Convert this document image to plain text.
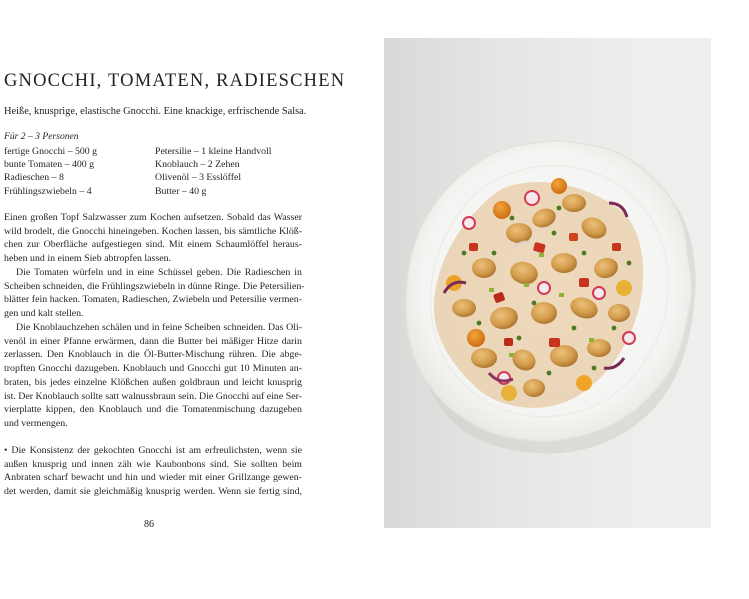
GNOCCHI, TOMATEN, RADIESCHEN

Heiße, knusprige, elastische Gnocchi. Eine knackige, erfrischende Salsa.

Für 2 – 3 Personen
fertige Gnocchi – 500 g
bunte Tomaten – 400 g
Radieschen – 8
Frühlingszwiebeln – 4
Petersilie – 1 kleine Handvoll
Knoblauch – 2 Zehen
Olivenöl – 3 Esslöffel
Butter – 40 g
Einen großen Topf Salzwasser zum Kochen aufsetzen. Sobald das Wasser
wild brodelt, die Gnocchi hineingeben. Kochen lassen, bis sämtliche Klöß-
chen zur Oberfläche aufgestiegen sind. Mit einem Schaumlöffel heraus-
heben und in einem Sieb abtropfen lassen.
Die Tomaten würfeln und in eine Schüssel geben. Die Radieschen in
Scheiben schneiden, die Frühlingszwiebeln in dünne Ringe. Die Petersilien-
blätter fein hacken. Tomaten, Radieschen, Zwiebeln und Petersilie vermen-
gen und kalt stellen.
Die Knoblauchzehen schälen und in feine Scheiben schneiden. Das Oli-
venöl in einer Pfanne erwärmen, dann die Butter bei mäßiger Hitze darin
zerlassen. Den Knoblauch in die Öl-Butter-Mischung rühren. Die abge-
tropften Gnocchi dazugeben. Knoblauch und Gnocchi gut 10 Minuten an-
braten, bis jedes einzelne Klößchen außen goldbraun und leicht knusprig
ist. Der Knoblauch sollte satt walnussbraun sein. Die Gnocchi auf eine Ser-
vierplatte kippen, den Knoblauch und die Tomatenmischung dazugeben
und vermengen.
• Die Konsistenz der gekochten Gnocchi ist am erfreulichsten, wenn sie
außen knusprig und innen zäh wie Kaubonbons sind. Sie sollten beim
Anbraten scharf bewacht und hin und wieder mit einer Grillzange gewen-
det werden, damit sie gleichmäßig knusprig werden. Wenn sie fertig sind,
86
